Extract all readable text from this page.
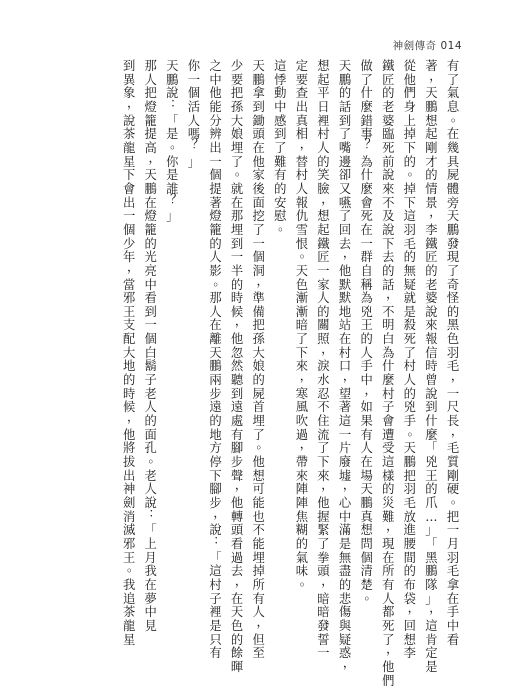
神劍傳奇 014
有
了
氣
息
。
在
幾
具
屍
體
旁
天
鵬
發
現
了
奇
怪
的
黑
色
羽
毛
，
一
尺
長
，
毛
質
剛
硬
。
把
一
月
羽
毛
拿
在
手
中
看
著
，
天
鵬
想
起
剛
才
的
情
景
，
李
鐵
匠
的
老
婆
說
來
報
信
時
曾
說
到
什
麼
「
兇
王
的
爪
…
」
「
黑
鵬
隊
」
，
這
肯
定
是
從
他
們
身
上
掉
下
的
。
掉
下
這
羽
毛
的
無
疑
就
是
殺
死
了
村
人
的
兇
手
。
天
鵬
把
羽
毛
放
進
腰
間
的
布
袋
，
回
想
李
鐵
匠
的
老
婆
臨
死
前
說
來
不
及
說
下
去
的
話
，
不
明
白
為
什
麼
村
子
會
遭
受
這
樣
的
災
難
，
現
在
所
有
人
都
死
了
，
他
們
做
了
什
麼
錯
事
？
為
什
麼
會
死
在
一
群
自
稱
為
兇
王
的
人
手
中
，
如
果
有
人
在
場
天
鵬
真
想
問
個
清
楚
。
天
鵬
的
話
到
了
嘴
邊
卻
又
嚥
了
回
去
，
他
默
默
地
站
在
村
口
，
望
著
這
一
片
廢
墟
，
心
中
滿
是
無
盡
的
悲
傷
與
疑
惑
，
想
起
平
日
裡
村
人
的
笑
臉
，
想
起
鐵
匠
一
家
人
的
關
照
，
淚
水
忍
不
住
流
了
下
來
，
他
握
緊
了
拳
頭
，
暗
暗
發
誓
一
定
要
查
出
真
相
，
替
村
人
報
仇
雪
恨
。
天
色
漸
漸
暗
了
下
來
，
寒
風
吹
過
，
帶
來
陣
陣
焦
糊
的
氣
味
。
這
悸
動
中
感
到
了
難
有
的
安
慰
。
天
鵬
拿
到
鋤
頭
在
他
家
後
面
挖
了
一
個
洞
，
準
備
把
孫
大
娘
的
屍
首
埋
了
。
他
想
可
能
也
不
能
埋
掉
所
有
人
，
但
至
少
要
把
孫
大
娘
埋
了
。
就
在
那
埋
到
一
半
的
時
候
，
他
忽
然
聽
到
遠
處
有
腳
步
聲
，
他
轉
頭
看
過
去
，
在
天
色
的
餘
暉
之
中
他
能
分
辨
出
一
個
提
著
燈
籠
的
人
影
。
那
人
在
離
天
鵬
兩
步
遠
的
地
方
停
下
腳
步
，
說
：
「
這
村
子
裡
是
只
有
你
一
個
活
人
嗎
？
」
天
鵬
說
：
「
是
。
你
是
誰
？
」
那
人
把
燈
籠
提
高
，
天
鵬
在
燈
籠
的
光
亮
中
看
到
一
個
白
鬍
子
老
人
的
面
孔
。
老
人
說
：
「
上
月
我
在
夢
中
見
到
異
象
，
說
茶
龍
星
下
會
出
一
個
少
年
，
當
邪
王
支
配
大
地
的
時
候
，
他
將
拔
出
神
劍
消
滅
邪
王
。
我
追
茶
龍
星
